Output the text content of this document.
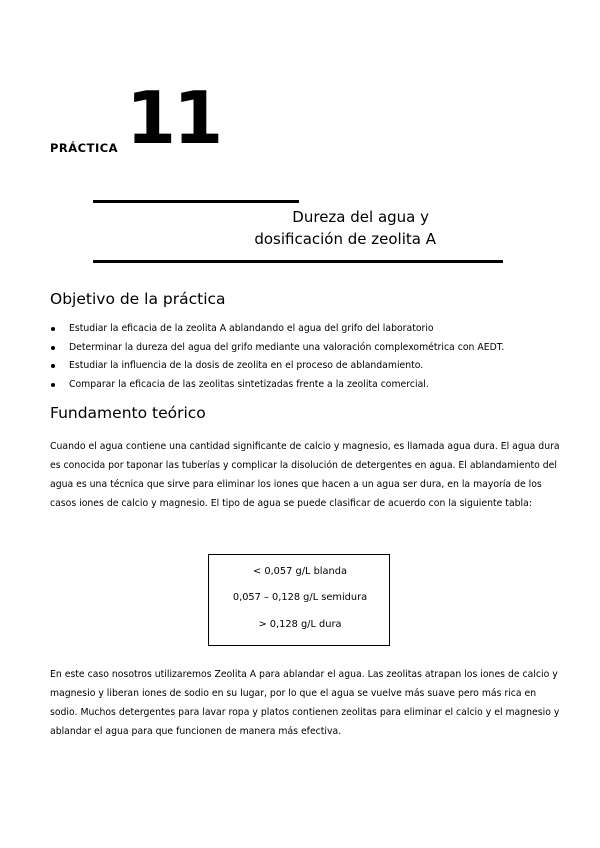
PRÁCTICA 11
Dureza del agua y
dosificación de zeolita A
Objetivo de la práctica
Estudiar la eficacia de la zeolita A ablandando el agua del grifo del laboratorio
Determinar la dureza del agua del grifo mediante una valoración complexométrica con AEDT.
Estudiar la influencia de la dosis de zeolita en el proceso de ablandamiento.
Comparar la eficacia de las zeolitas sintetizadas frente a la zeolita comercial.
Fundamento teórico

Cuando el agua contiene una cantidad significante de calcio y magnesio, es llamada agua dura. El agua dura es conocida por taponar las tuberías y complicar la disolución de detergentes en agua. El ablandamiento del agua es una técnica que sirve para eliminar los iones que hacen a un agua ser dura, en la mayoría de los casos iones de calcio y magnesio. El tipo de agua se puede clasificar de acuerdo con la siguiente tabla:

< 0,057 g/L blanda
0,057 – 0,128 g/L semidura
> 0,128 g/L dura

En este caso nosotros utilizaremos Zeolita A para ablandar el agua. Las zeolitas atrapan los iones de calcio y magnesio y liberan iones de sodio en su lugar, por lo que el agua se vuelve más suave pero más rica en sodio. Muchos detergentes para lavar ropa y platos contienen zeolitas para eliminar el calcio y el magnesio y ablandar el agua para que funcionen de manera más efectiva.
